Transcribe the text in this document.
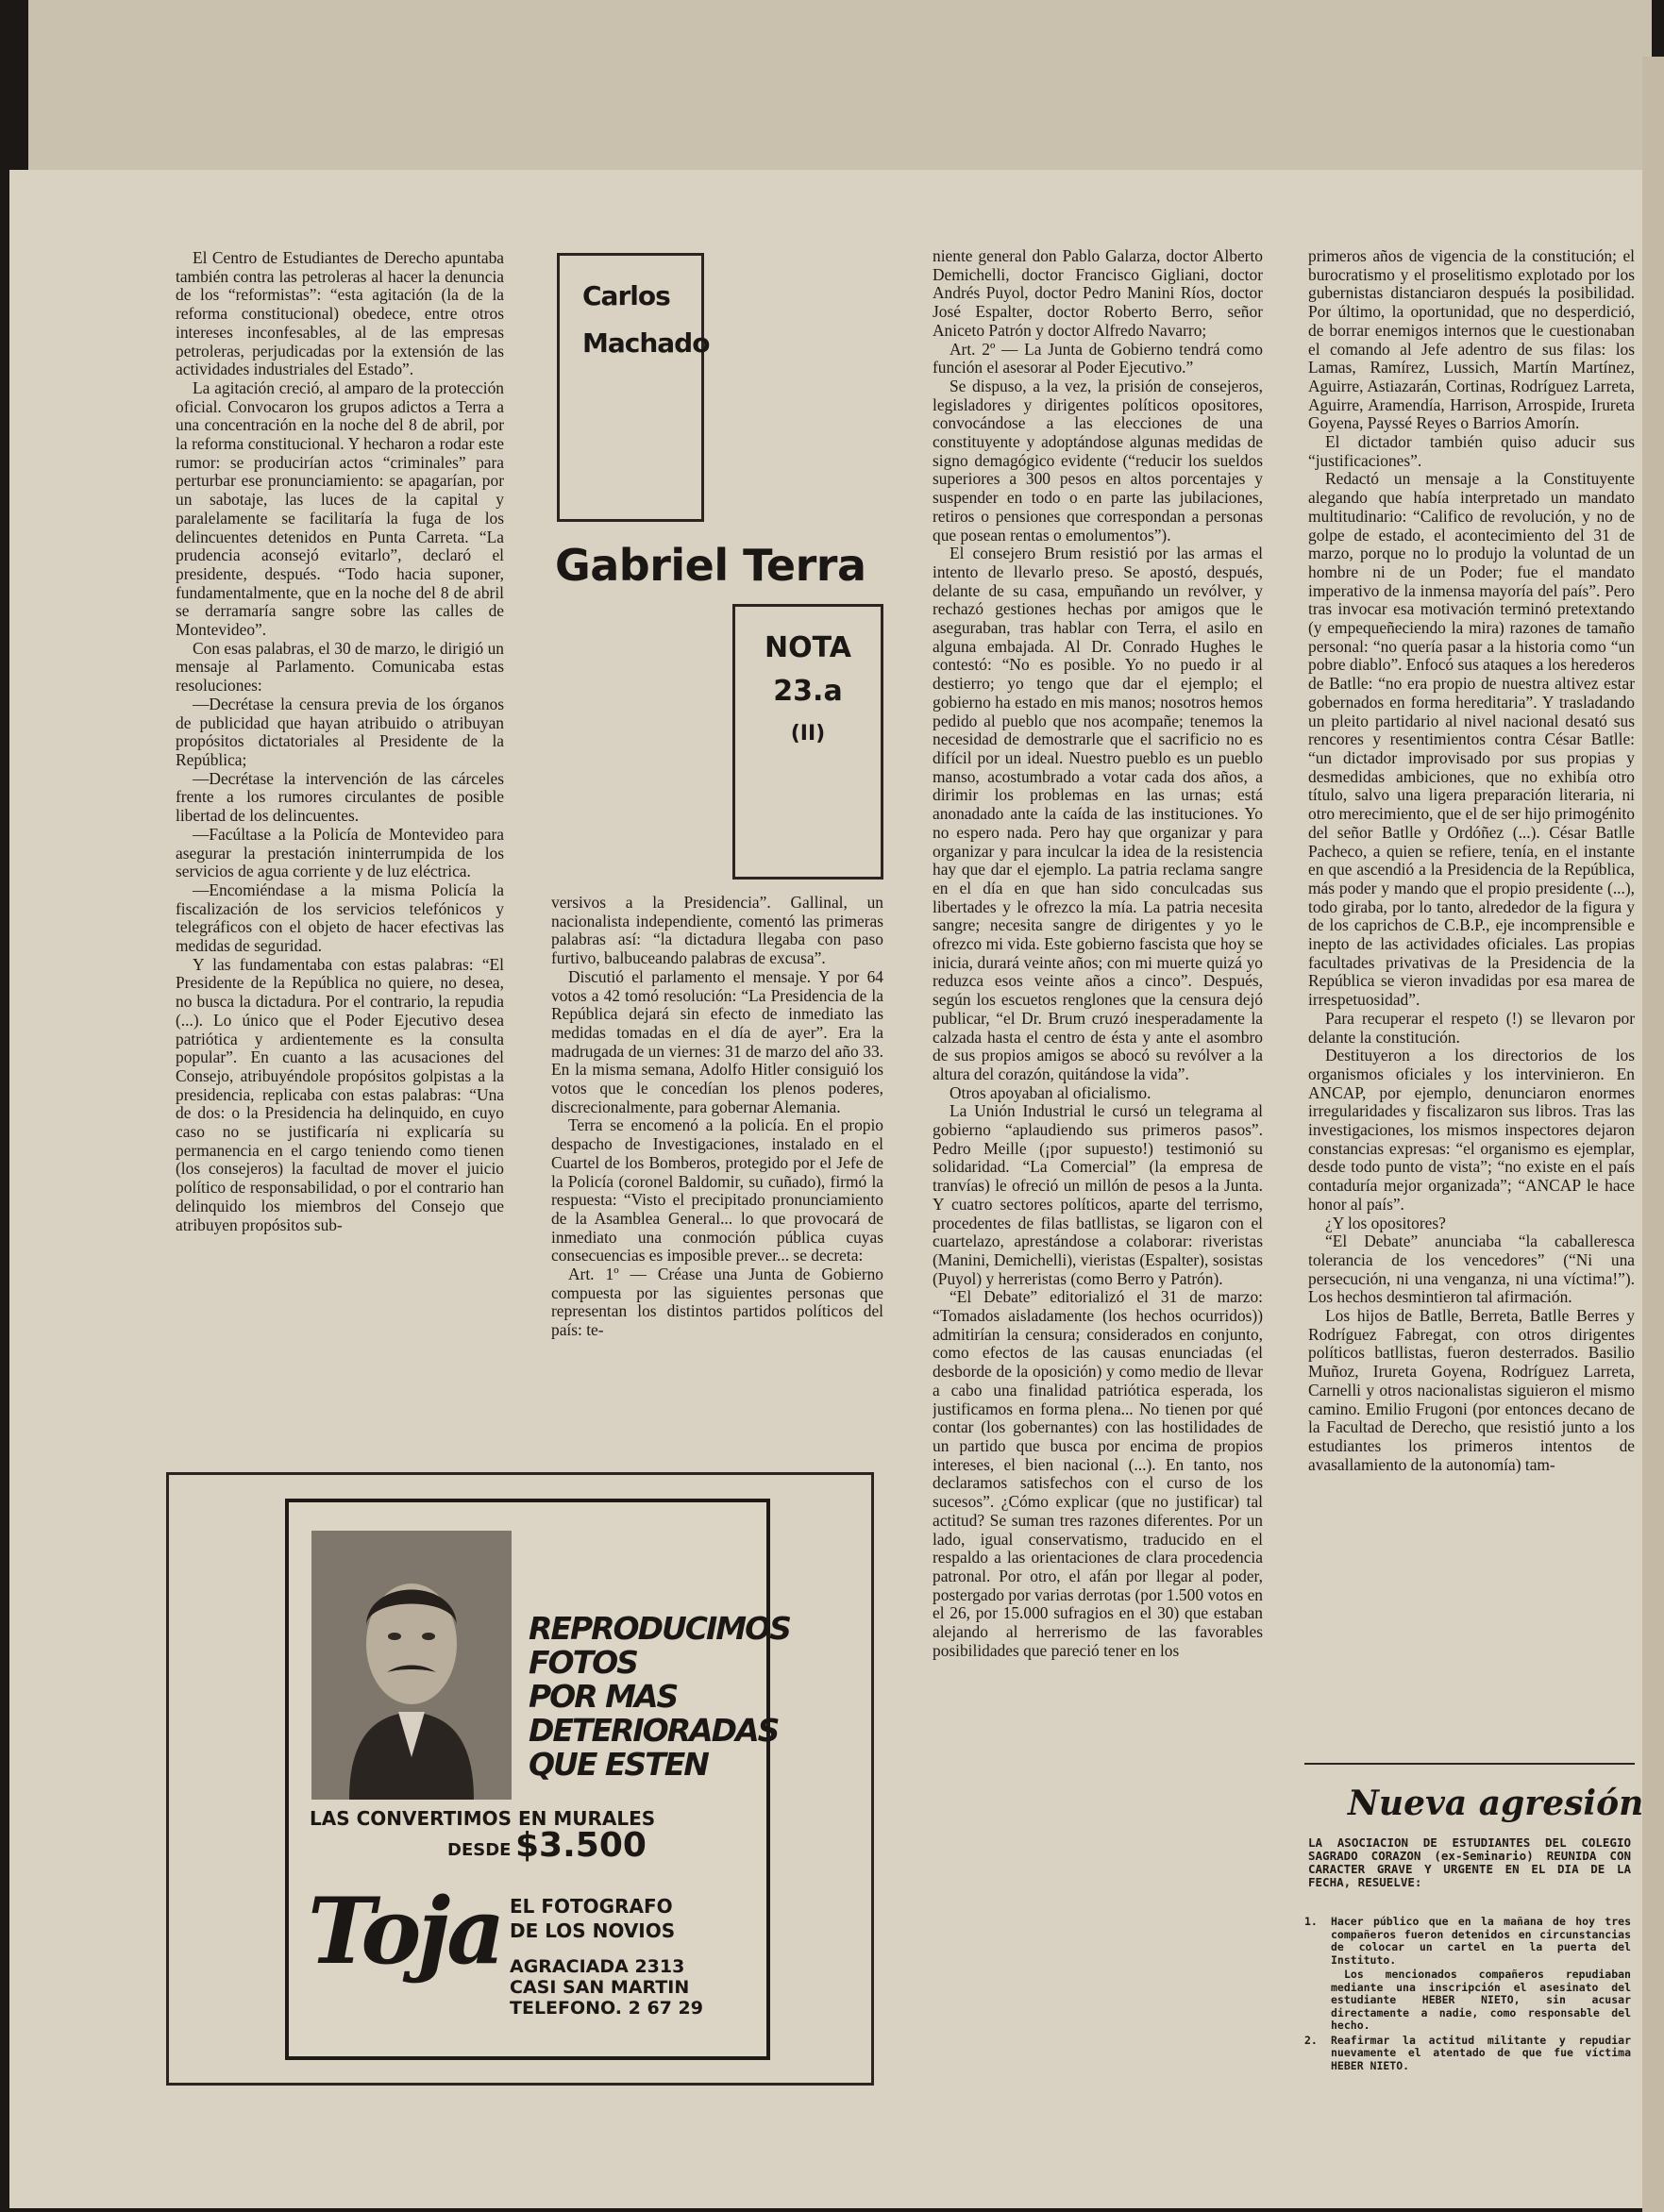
El Centro de Estudiantes de Derecho apuntaba también contra las petroleras al hacer la denuncia de los “reformistas”: “esta agitación (la de la reforma constitucional) obedece, entre otros intereses inconfesables, al de las empresas petroleras, perjudicadas por la extensión de las actividades industriales del Estado”.

La agitación creció, al amparo de la protección oficial. Convocaron los grupos adictos a Terra a una concentración en la noche del 8 de abril, por la reforma constitucional. Y hecharon a rodar este rumor: se producirían actos “criminales” para perturbar ese pronunciamiento: se apagarían, por un sabotaje, las luces de la capital y paralelamente se facilitaría la fuga de los delincuentes detenidos en Punta Carreta. “La prudencia aconsejó evitarlo”, declaró el presidente, después. “Todo hacia suponer, fundamentalmente, que en la noche del 8 de abril se derramaría sangre sobre las calles de Montevideo”.

Con esas palabras, el 30 de marzo, le dirigió un mensaje al Parlamento. Comunicaba estas resoluciones:

—Decrétase la censura previa de los órganos de publicidad que hayan atribuido o atribuyan propósitos dictatoriales al Presidente de la República;

—Decrétase la intervención de las cárceles frente a los rumores circulantes de posible libertad de los delincuentes.

—Facúltase a la Policía de Montevideo para asegurar la prestación ininterrumpida de los servicios de agua corriente y de luz eléctrica.

—Encomiéndase a la misma Policía la fiscalización de los servicios telefónicos y telegráficos con el objeto de hacer efectivas las medidas de seguridad.

Y las fundamentaba con estas palabras: “El Presidente de la República no quiere, no desea, no busca la dictadura. Por el contrario, la repudia (...). Lo único que el Poder Ejecutivo desea patriótica y ardientemente es la consulta popular”. En cuanto a las acusaciones del Consejo, atribuyéndole propósitos golpistas a la presidencia, replicaba con estas palabras: “Una de dos: o la Presidencia ha delinquido, en cuyo caso no se justificaría ni explicaría su permanencia en el cargo teniendo como tienen (los consejeros) la facultad de mover el juicio político de responsabilidad, o por el contrario han delinquido los miembros del Consejo que atribuyen propósitos sub-

Carlos
Machado
Gabriel Terra
NOTA
23.a
(II)

versivos a la Presidencia”. Gallinal, un nacionalista independiente, comentó las primeras palabras así: “la dictadura llegaba con paso furtivo, balbuceando palabras de excusa”.

Discutió el parlamento el mensaje. Y por 64 votos a 42 tomó resolución: “La Presidencia de la República dejará sin efecto de inmediato las medidas tomadas en el día de ayer”. Era la madrugada de un viernes: 31 de marzo del año 33. En la misma semana, Adolfo Hitler consiguió los votos que le concedían los plenos poderes, discrecionalmente, para gobernar Alemania.

Terra se encomenó a la policía. En el propio despacho de Investigaciones, instalado en el Cuartel de los Bomberos, protegido por el Jefe de la Policía (coronel Baldomir, su cuñado), firmó la respuesta: “Visto el precipitado pronunciamiento de la Asamblea General... lo que provocará de inmediato una conmoción pública cuyas consecuencias es imposible prever... se decreta:

Art. 1º — Créase una Junta de Gobierno compuesta por las siguientes personas que representan los distintos partidos políticos del país: te-

niente general don Pablo Galarza, doctor Alberto Demichelli, doctor Francisco Gigliani, doctor Andrés Puyol, doctor Pedro Manini Ríos, doctor José Espalter, doctor Roberto Berro, señor Aniceto Patrón y doctor Alfredo Navarro;

Art. 2º — La Junta de Gobierno tendrá como función el asesorar al Poder Ejecutivo.”

Se dispuso, a la vez, la prisión de consejeros, legisladores y dirigentes políticos opositores, convocándose a las elecciones de una constituyente y adoptándose algunas medidas de signo demagógico evidente (“reducir los sueldos superiores a 300 pesos en altos porcentajes y suspender en todo o en parte las jubilaciones, retiros o pensiones que correspondan a personas que posean rentas o emolumentos”).

El consejero Brum resistió por las armas el intento de llevarlo preso. Se apostó, después, delante de su casa, empuñando un revólver, y rechazó gestiones hechas por amigos que le aseguraban, tras hablar con Terra, el asilo en alguna embajada. Al Dr. Conrado Hughes le contestó: “No es posible. Yo no puedo ir al destierro; yo tengo que dar el ejemplo; el gobierno ha estado en mis manos; nosotros hemos pedido al pueblo que nos acompañe; tenemos la necesidad de demostrarle que el sacrificio no es difícil por un ideal. Nuestro pueblo es un pueblo manso, acostumbrado a votar cada dos años, a dirimir los problemas en las urnas; está anonadado ante la caída de las instituciones. Yo no espero nada. Pero hay que organizar y para organizar y para inculcar la idea de la resistencia hay que dar el ejemplo. La patria reclama sangre en el día en que han sido conculcadas sus libertades y le ofrezco la mía. La patria necesita sangre; necesita sangre de dirigentes y yo le ofrezco mi vida. Este gobierno fascista que hoy se inicia, durará veinte años; con mi muerte quizá yo reduzca esos veinte años a cinco”. Después, según los escuetos renglones que la censura dejó publicar, “el Dr. Brum cruzó inesperadamente la calzada hasta el centro de ésta y ante el asombro de sus propios amigos se abocó su revólver a la altura del corazón, quitándose la vida”.

Otros apoyaban al oficialismo.

La Unión Industrial le cursó un telegrama al gobierno “aplaudiendo sus primeros pasos”. Pedro Meille (¡por supuesto!) testimonió su solidaridad. “La Comercial” (la empresa de tranvías) le ofreció un millón de pesos a la Junta. Y cuatro sectores políticos, aparte del terrismo, procedentes de filas batllistas, se ligaron con el cuartelazo, aprestándose a colaborar: riveristas (Manini, Demichelli), vieristas (Espalter), sosistas (Puyol) y herreristas (como Berro y Patrón).

“El Debate” editorializó el 31 de marzo: “Tomados aisladamente (los hechos ocurridos)) admitirían la censura; considerados en conjunto, como efectos de las causas enunciadas (el desborde de la oposición) y como medio de llevar a cabo una finalidad patriótica esperada, los justificamos en forma plena... No tienen por qué contar (los gobernantes) con las hostilidades de un partido que busca por encima de propios intereses, el bien nacional (...). En tanto, nos declaramos satisfechos con el curso de los sucesos”. ¿Cómo explicar (que no justificar) tal actitud? Se suman tres razones diferentes. Por un lado, igual conservatismo, traducido en el respaldo a las orientaciones de clara procedencia patronal. Por otro, el afán por llegar al poder, postergado por varias derrotas (por 1.500 votos en el 26, por 15.000 sufragios en el 30) que estaban alejando al herrerismo de las favorables posibilidades que pareció tener en los

primeros años de vigencia de la constitución; el burocratismo y el proselitismo explotado por los gubernistas distanciaron después la posibilidad. Por último, la oportunidad, que no desperdició, de borrar enemigos internos que le cuestionaban el comando al Jefe adentro de sus filas: los Lamas, Ramírez, Lussich, Martín Martínez, Aguirre, Astiazarán, Cortinas, Rodríguez Larreta, Aguirre, Aramendía, Harrison, Arrospide, Irureta Goyena, Payssé Reyes o Barrios Amorín.

El dictador también quiso aducir sus “justificaciones”.

Redactó un mensaje a la Constituyente alegando que había interpretado un mandato multitudinario: “Califico de revolución, y no de golpe de estado, el acontecimiento del 31 de marzo, porque no lo produjo la voluntad de un hombre ni de un Poder; fue el mandato imperativo de la inmensa mayoría del país”. Pero tras invocar esa motivación terminó pretextando (y empequeñeciendo la mira) razones de tamaño personal: “no quería pasar a la historia como “un pobre diablo”. Enfocó sus ataques a los herederos de Batlle: “no era propio de nuestra altivez estar gobernados en forma hereditaria”. Y trasladando un pleito partidario al nivel nacional desató sus rencores y resentimientos contra César Batlle: “un dictador improvisado por sus propias y desmedidas ambiciones, que no exhibía otro título, salvo una ligera preparación literaria, ni otro merecimiento, que el de ser hijo primogénito del señor Batlle y Ordóñez (...). César Batlle Pacheco, a quien se refiere, tenía, en el instante en que ascendió a la Presidencia de la República, más poder y mando que el propio presidente (...), todo giraba, por lo tanto, alrededor de la figura y de los caprichos de C.B.P., eje incomprensible e inepto de las actividades oficiales. Las propias facultades privativas de la Presidencia de la República se vieron invadidas por esa marea de irrespetuosidad”.

Para recuperar el respeto (!) se llevaron por delante la constitución.

Destituyeron a los directorios de los organismos oficiales y los intervinieron. En ANCAP, por ejemplo, denunciaron enormes irregularidades y fiscalizaron sus libros. Tras las investigaciones, los mismos inspectores dejaron constancias expresas: “el organismo es ejemplar, desde todo punto de vista”; “no existe en el país contaduría mejor organizada”; “ANCAP le hace honor al país”.

¿Y los opositores?

“El Debate” anunciaba “la caballeresca tolerancia de los vencedores” (“Ni una persecución, ni una venganza, ni una víctima!”). Los hechos desmintieron tal afirmación.

Los hijos de Batlle, Berreta, Batlle Berres y Rodríguez Fabregat, con otros dirigentes políticos batllistas, fueron desterrados. Basilio Muñoz, Irureta Goyena, Rodríguez Larreta, Carnelli y otros nacionalistas siguieron el mismo camino. Emilio Frugoni (por entonces decano de la Facultad de Derecho, que resistió junto a los estudiantes los primeros intentos de avasallamiento de la autonomía) tam-

REPRODUCIMOS
FOTOS
POR MAS
DETERIORADAS
QUE ESTEN
LAS CONVERTIMOS EN MURALES
DESDE $3.500
Toja EL FOTOGRAFO
DE LOS NOVIOS
AGRACIADA 2313
CASI SAN MARTIN
TELEFONO. 2 67 29
Nueva agresión
LA ASOCIACION DE ESTUDIANTES DEL COLEGIO SAGRADO CORAZON (ex-Seminario) REUNIDA CON CARACTER GRAVE Y URGENTE EN EL DIA DE LA FECHA, RESUELVE:
1. Hacer público que en la mañana de hoy tres compañeros fueron detenidos en circunstancias de colocar un cartel en la puerta del Instituto.
Los mencionados compañeros repudiaban mediante una inscripción el asesinato del estudiante HEBER NIETO, sin acusar directamente a nadie, como responsable del hecho.
2. Reafirmar la actitud militante y repudiar nuevamente el atentado de que fue víctima HEBER NIETO.
